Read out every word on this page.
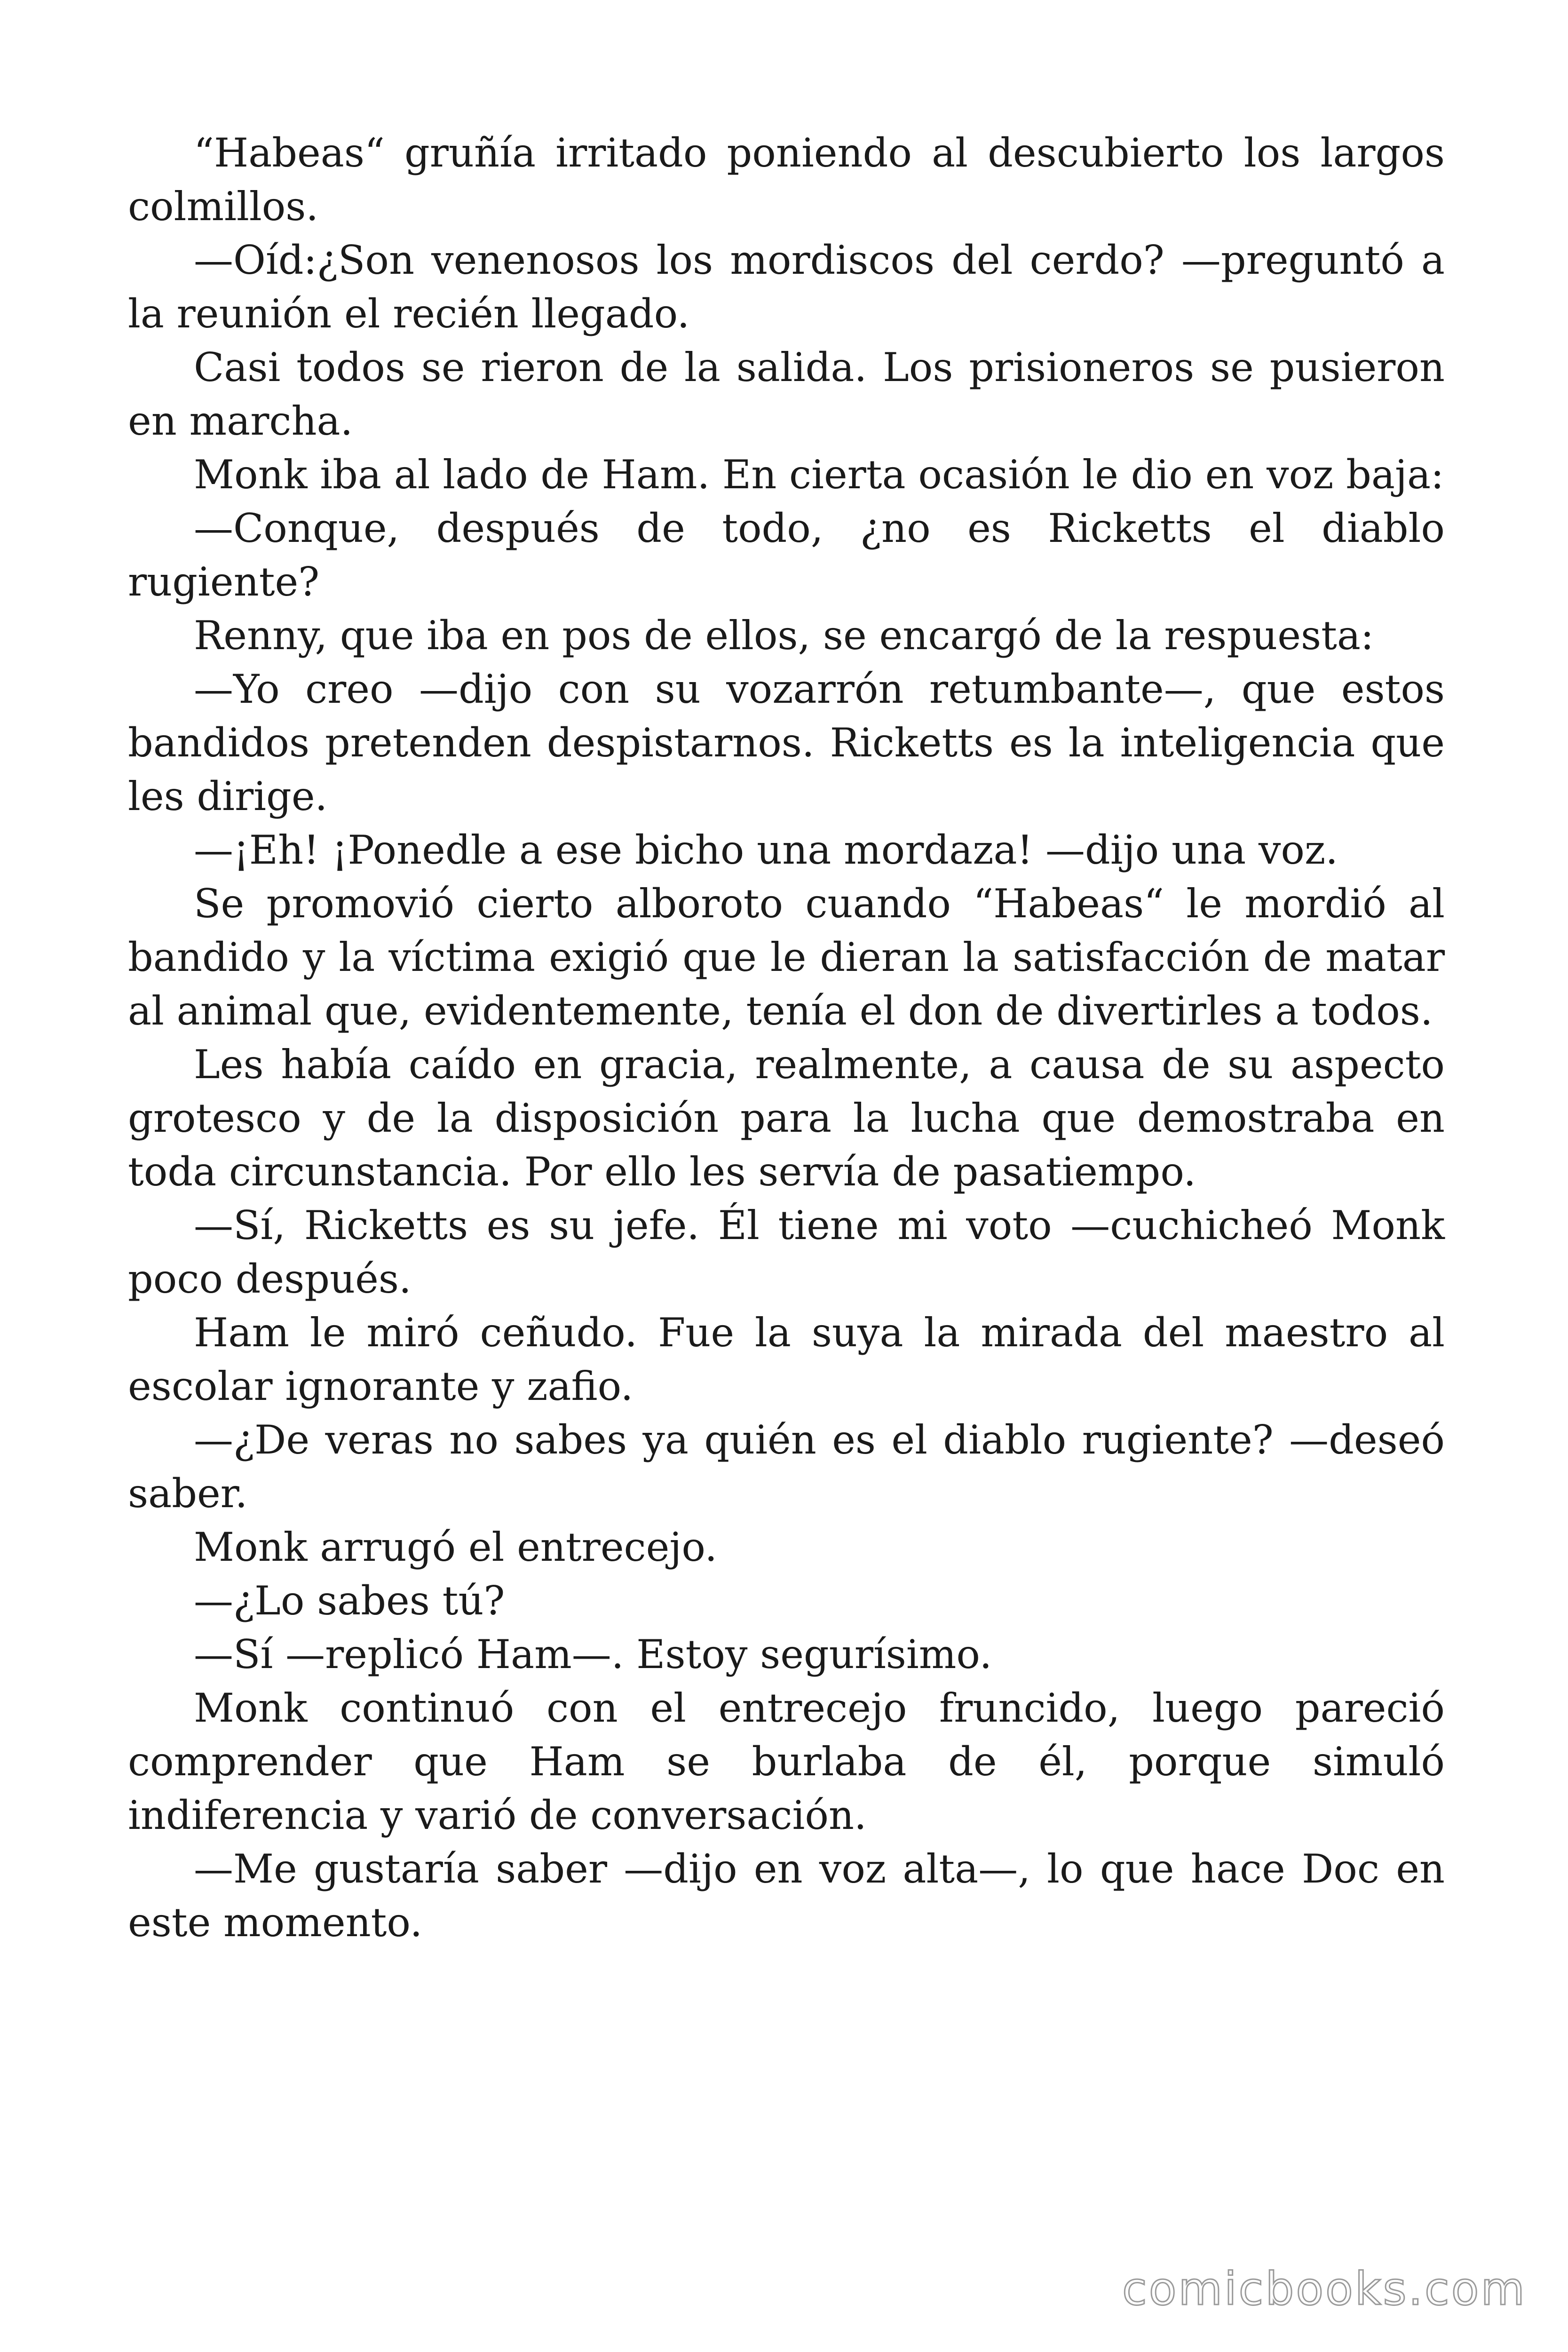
“Habeas“ gruñía irritado poniendo al descubierto los largos colmillos.

—Oíd:¿Son venenosos los mordiscos del cerdo? —preguntó a la reunión el recién llegado.

Casi todos se rieron de la salida. Los prisioneros se pusieron en marcha.

Monk iba al lado de Ham. En cierta ocasión le dio en voz baja:

—Conque, después de todo, ¿no es Ricketts el diablo rugiente?

Renny, que iba en pos de ellos, se encargó de la respuesta:

—Yo creo —dijo con su vozarrón retumbante—, que estos bandidos pretenden despistarnos. Ricketts es la inteligencia que les dirige.

—¡Eh! ¡Ponedle a ese bicho una mordaza! —dijo una voz.

Se promovió cierto alboroto cuando “Habeas“ le mordió al bandido y la víctima exigió que le dieran la satisfacción de matar al animal que, evidentemente, tenía el don de divertirles a todos.

Les había caído en gracia, realmente, a causa de su aspecto grotesco y de la disposición para la lucha que demostraba en toda circunstancia. Por ello les servía de pasatiempo.

—Sí, Ricketts es su jefe. Él tiene mi voto —cuchicheó Monk poco después.

Ham le miró ceñudo. Fue la suya la mirada del maestro al escolar ignorante y zafio.

—¿De veras no sabes ya quién es el diablo rugiente? —deseó saber.

Monk arrugó el entrecejo.

—¿Lo sabes tú?

—Sí —replicó Ham—. Estoy segurísimo.

Monk continuó con el entrecejo fruncido, luego pareció comprender que Ham se burlaba de él, porque simuló indiferencia y varió de conversación.

—Me gustaría saber —dijo en voz alta—, lo que hace Doc en este momento.

comicbooks.com
